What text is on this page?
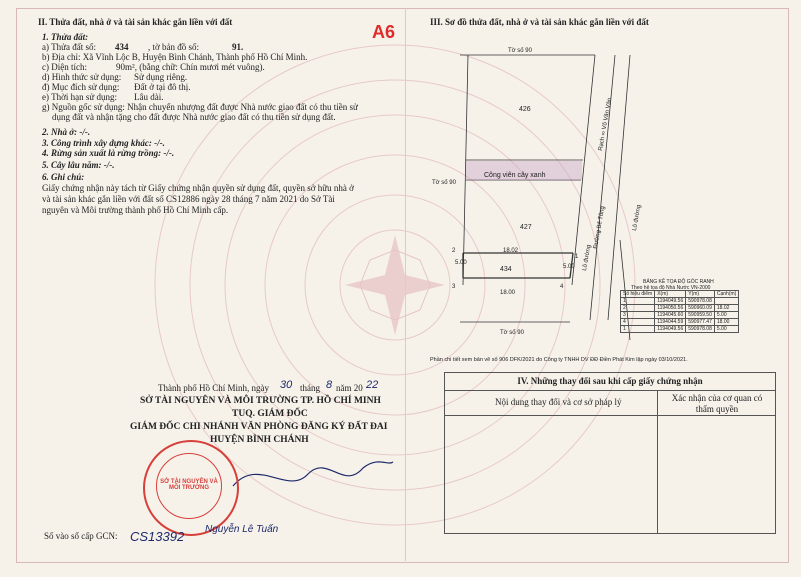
A6
II. Thửa đất, nhà ở và tài sản khác gắn liền với đất
1. Thửa đất:
a) Thửa đất số: 434 , tờ bản đồ số:	91.
b) Địa chỉ: Xã Vĩnh Lộc B, Huyện Bình Chánh, Thành phố Hồ Chí Minh.
c) Diện tích:	90m², (bằng chữ: Chín mươi mét vuông).
d) Hình thức sử dụng: Sử dụng riêng.
đ) Mục đích sử dụng: Đất ở tại đô thị.
e) Thời hạn sử dụng: Lâu dài.
g) Nguồn gốc sử dụng: Nhận chuyển nhượng đất được Nhà nước giao đất có thu tiền sử
dụng đất và nhận tặng cho đất được Nhà nước giao đất có thu tiền sử dụng đất.
2. Nhà ở: -/-.
3. Công trình xây dựng khác: -/-.
4. Rừng sản xuất là rừng trồng: -/-.
5. Cây lâu năm: -/-.
6. Ghi chú:
Giấy chứng nhận này tách từ Giấy chứng nhận quyền sử dụng đất, quyền sở hữu nhà ở
và tài sản khác gắn liền với đất số CS12886 ngày 28 tháng 7 năm 2021 do Sở Tài
nguyên và Môi trường thành phố Hồ Chí Minh cấp.
Thành phố Hồ Chí Minh, ngày 30 tháng 8 năm 20 22
SỞ TÀI NGUYÊN VÀ MÔI TRƯỜNG TP. HỒ CHÍ MINH
TUQ. GIÁM ĐỐC
GIÁM ĐỐC CHI NHÁNH VĂN PHÒNG ĐĂNG KÝ ĐẤT ĐAI
HUYỆN BÌNH CHÁNH
SỞ TÀI NGUYÊN VÀ MÔI TRƯỜNG
Số vào sổ cấp GCN: CS13392 Nguyễn Lê Tuấn
III. Sơ đồ thửa đất, nhà ở và tài sản khác gắn liền với đất
Tờ số 90
426
Công viên cây xanh
Tờ số 90
427
18.02
434
18.00
5.00
5.00
1
2
3	4
Tờ số 90
Rạch ∞ Võ Văn Vân
Đường Bê Tông
Lô đường
Lô đường
BẢNG KÊ TỌA ĐỘ GÓC RANH
Theo hệ tọa độ Nhà Nước VN-2000
Số hiệu điểm	X(m)	Y(m)	Cạnh(m)
1	1194049.56	590978.08	
2	1194050.56	590960.09	18.02
3	1194045.60	590959.50	5.00
4	1194044.59	590977.47	18.00
1	1194049.56	590978.08	5.00
Phần chi tiết xem bản vẽ số 906 DFK/2021 do Công ty TNHH DV ĐĐ Điền Phát Kim lập ngày 03/10/2021.
IV. Những thay đổi sau khi cấp giấy chứng nhận
Nội dung thay đổi và cơ sở pháp lý	Xác nhận của cơ quan có thẩm quyền
